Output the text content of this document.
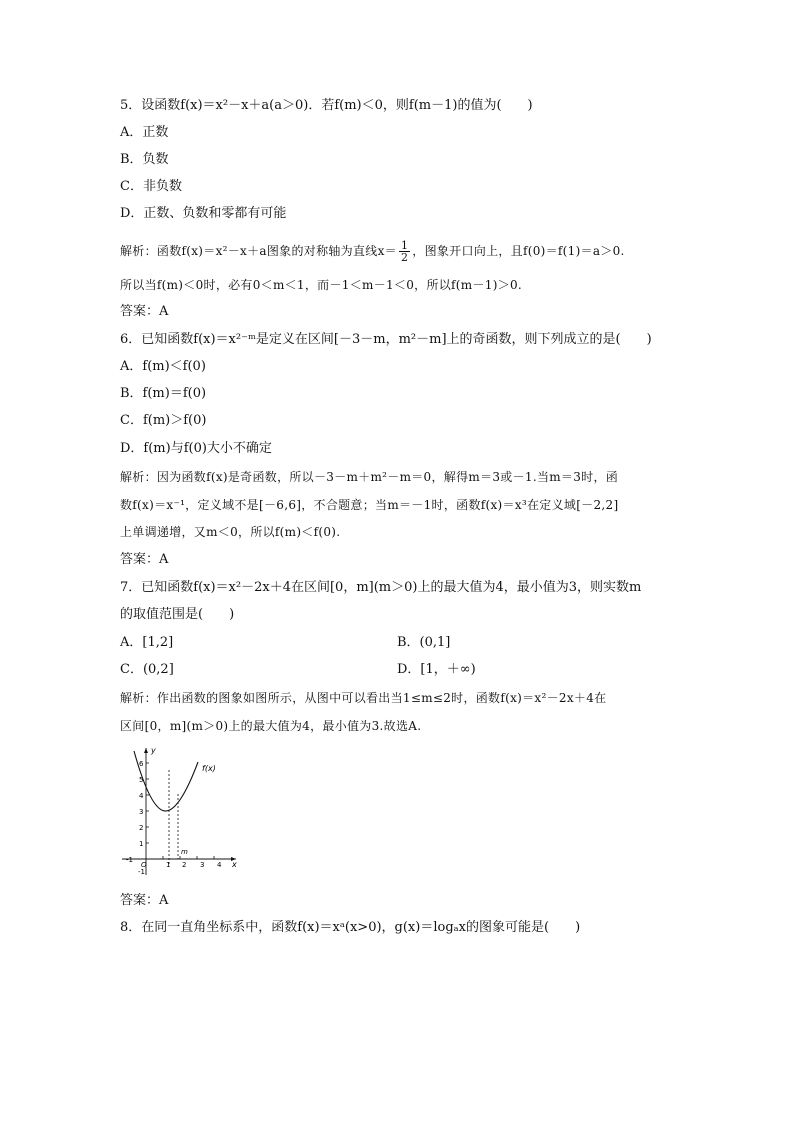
5．设函数f(x)＝x²－x＋a(a＞0)．若f(m)＜0，则f(m－1)的值为(　　)
A．正数
B．负数
C．非负数
D．正数、负数和零都有可能
解析：函数f(x)＝x²－x＋a图象的对称轴为直线$x= \frac{1}{2}$ ，图象开口向上，且f(0)＝f(1)＝a＞0.
所以当f(m)＜0时，必有0＜m＜1，而－1＜m－1＜0，所以f(m－1)＞0.
答案：A
6．已知函数f(x)＝x²⁻ᵐ是定义在区间[－3－m，m²－m]上的奇函数，则下列成立的是(　　)
A．f(m)＜f(0)
B．f(m)＝f(0)
C．f(m)＞f(0)
D．f(m)与f(0)大小不确定
解析：因为函数f(x)是奇函数，所以－3－m＋m²－m＝0，解得m＝3或－1.当m＝3时，函
数f(x)＝x⁻¹，定义域不是[－6,6]，不合题意；当m＝－1时，函数f(x)＝x³在定义域[－2,2]
上单调递增，又m＜0，所以f(m)＜f(0).
答案：A
7．已知函数f(x)＝x²－2x＋4在区间[0，m](m＞0)上的最大值为4，最小值为3，则实数m
的取值范围是(　　)
A．[1,2]	B．(0,1]
C．(0,2]	D．[1，＋∞)
解析：作出函数的图象如图所示，从图中可以看出当1≤m≤2时，函数f(x)＝x²－2x＋4在
区间[0，m](m＞0)上的最大值为4，最小值为3.故选A.
y
x
f(x)
m
O
-1
-1
1
2
3
4
5
6
1 2 3 4
答案：A
8．在同一直角坐标系中，函数f(x)＝xᵃ(x>0)，g(x)＝logₐx的图象可能是(　　)
